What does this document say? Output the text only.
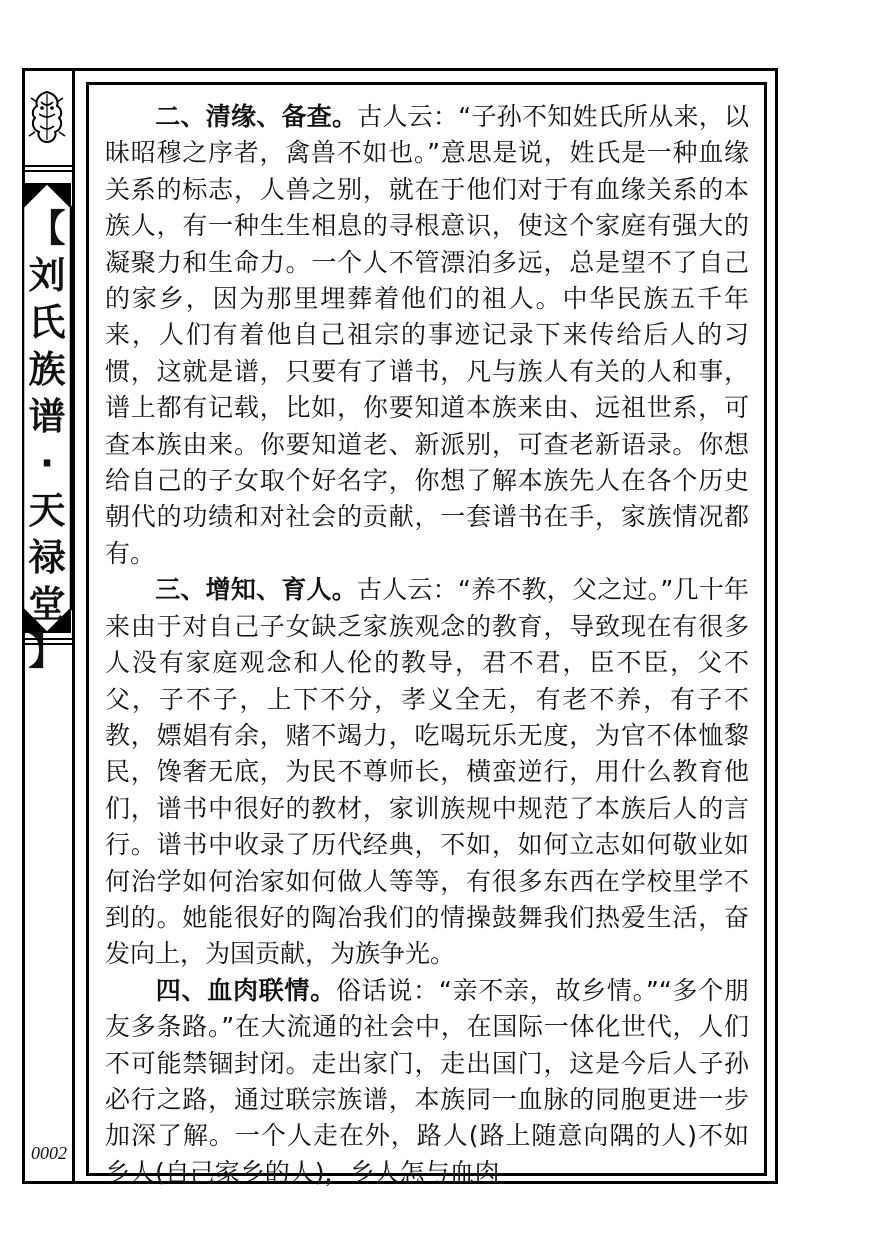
【
刘
氏
族
谱
·
天
禄
堂
】
0002

二、清缘、备查。古人云：“子孙不知姓氏所从来，以昧昭穆之序者，禽兽不如也。”意思是说，姓氏是一种血缘关系的标志，人兽之别，就在于他们对于有血缘关系的本族人，有一种生生相息的寻根意识，使这个家庭有强大的凝聚力和生命力。一个人不管漂泊多远，总是望不了自己的家乡，因为那里埋葬着他们的祖人。中华民族五千年来，人们有着他自己祖宗的事迹记录下来传给后人的习惯，这就是谱，只要有了谱书，凡与族人有关的人和事，谱上都有记载，比如，你要知道本族来由、远祖世系，可查本族由来。你要知道老、新派别，可查老新语录。你想给自己的子女取个好名字，你想了解本族先人在各个历史朝代的功绩和对社会的贡献，一套谱书在手，家族情况都有。

三、增知、育人。古人云：“养不教，父之过。”几十年来由于对自己子女缺乏家族观念的教育，导致现在有很多人没有家庭观念和人伦的教导，君不君，臣不臣，父不父，子不子，上下不分，孝义全无，有老不养，有子不教，嫖娼有余，赌不竭力，吃喝玩乐无度，为官不体恤黎民，馋奢无底，为民不尊师长，横蛮逆行，用什么教育他们，谱书中很好的教材，家训族规中规范了本族后人的言行。谱书中收录了历代经典，不如，如何立志如何敬业如何治学如何治家如何做人等等，有很多东西在学校里学不到的。她能很好的陶冶我们的情操鼓舞我们热爱生活，奋发向上，为国贡献，为族争光。

四、血肉联情。俗话说：“亲不亲，故乡情。”“多个朋友多条路。”在大流通的社会中，在国际一体化世代，人们不可能禁锢封闭。走出家门，走出国门，这是今后人子孙必行之路，通过联宗族谱，本族同一血脉的同胞更进一步加深了解。一个人走在外，路人(路上随意向隅的人)不如乡人(自己家乡的人)，乡人怎与血肉
